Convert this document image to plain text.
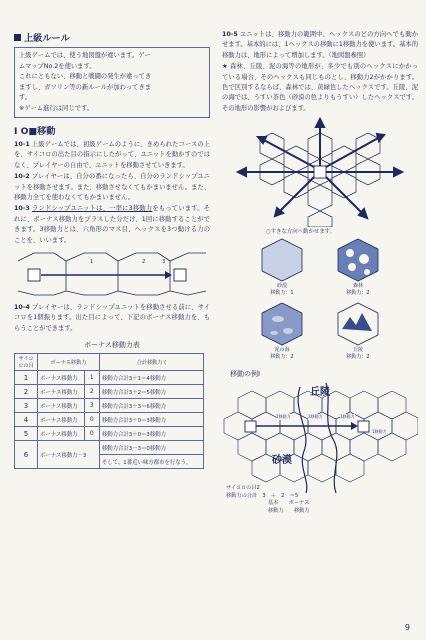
上級ルール
上級ゲームでは、使う地図盤が違います。ゲー
ムマップNo.2を使います。
これにともない、移動と戦闘の発生が違ってき
ますし、ガソリン等の新ルールが加わってきま
す。
※ゲーム進行は同じです。
I O■移動

10-1 上級ゲームでは、初級ゲームのように、きめられたコースの上を、サイコロの出た目の指示にしたがって、ユニットを動かすのではなく、プレイヤーの自由で、ユニットを移動させていきます。

10-2 プレイヤーは、自分の番になったら、自分のランドシップユニットを移動させます。また、移動させなくてもかまいません。また、移動力全てを使わなくてもかまいません。

10-3 ランドシップユニットは、一率に3移動力をもっています。それに、ボーナス移動力をプラスした分だけ、1回に移動することができます。3移動力とは、六角形のマス目、ヘックスを3つ動ける力のことを、いいます。

1	2	3

10-4 プレイヤーは、ランドシップユニットを移動させる前に、サイコロを1個振ります。出た目によって、下記のボーナス移動力を、もらうことができます。

ボーナス移動力表
サイコロの目	ボーナス移動力		合計移動力 (
1	ボーナス移動力	1	移動力合計3＋1＝4移動力
2	ボーナス移動力	2	移動力合計3＋2＝5移動力
3	ボーナス移動力	3	移動力合計3＋3＝6移動力
4	ボーナス移動力	0	移動力合計3＋0＝3移動力
5	ボーナス移動力	0	移動力合計3＋0＝3移動力
6	ボーナス移動力－3		移動力合計3－3＝0移動力
			そして、1番近い味方都市を行なう。

10-5 ユニットは、移動力の範囲中、ヘックスのどの方向へでも動かせます。基本的には、1ヘックスの移動に1移動力を使います。基本的移動力は、地形によって増加します。（地図盤参照）

★ 森林、丘陵、泥の海等の地形が、多少でも別のヘックスにかかっている場合、そのヘックスも同じものとし、移動力2がかかります。色で区別するならば、森林では、黄緑色したヘックスです。丘陵、泥の海では、うすい茶色（砂漠の色よりもうすい）したヘックスです。その地形の影響がおよびます。

○すきな方向へ動かせます。
砂漠
移動力：1
森林
移動力：2
泥の海
移動力：2
丘陵
移動力：2
移動の例Ⅰ
丘陵
砂漠
2移動力	2移動力	1移動力
1移動力
サイコロの目2
移動力の合計　3　＋　2　＝5
基本　　ボーナス
移動力　　移動力
9
